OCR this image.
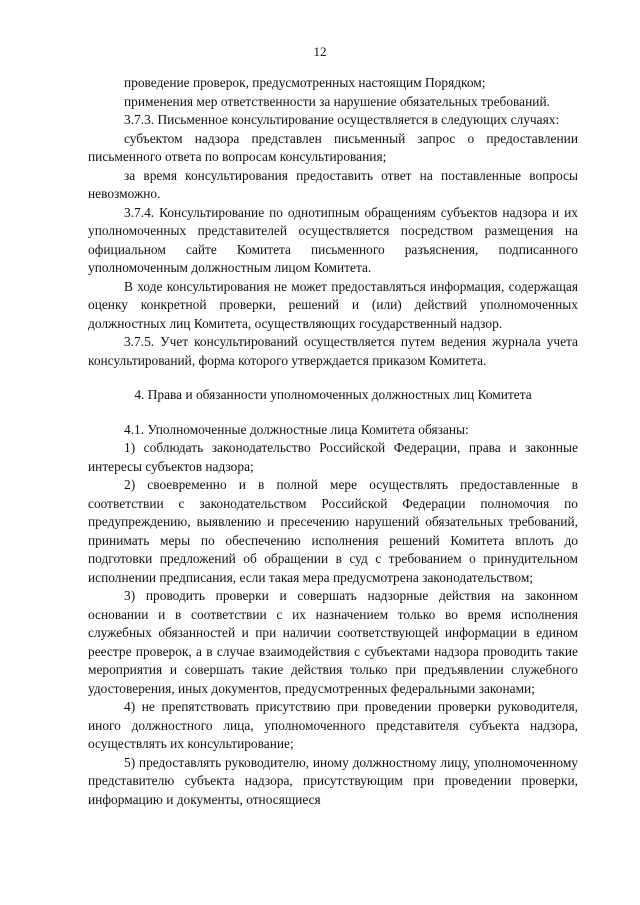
12

проведение проверок, предусмотренных настоящим Порядком;

применения мер ответственности за нарушение обязательных требований.

3.7.3. Письменное консультирование осуществляется в следующих случаях:

субъектом надзора представлен письменный запрос о предоставлении письменного ответа по вопросам консультирования;

за время консультирования предоставить ответ на поставленные вопросы невозможно.

3.7.4. Консультирование по однотипным обращениям субъектов надзора и их уполномоченных представителей осуществляется посредством размещения на официальном сайте Комитета письменного разъяснения, подписанного уполномоченным должностным лицом Комитета.

В ходе консультирования не может предоставляться информация, содержащая оценку конкретной проверки, решений и (или) действий уполномоченных должностных лиц Комитета, осуществляющих государственный надзор.

3.7.5. Учет консультирований осуществляется путем ведения журнала учета консультирований, форма которого утверждается приказом Комитета.

4. Права и обязанности уполномоченных должностных лиц Комитета

4.1. Уполномоченные должностные лица Комитета обязаны:

1) соблюдать законодательство Российской Федерации, права и законные интересы субъектов надзора;

2) своевременно и в полной мере осуществлять предоставленные в соответствии с законодательством Российской Федерации полномочия по предупреждению, выявлению и пресечению нарушений обязательных требований, принимать меры по обеспечению исполнения решений Комитета вплоть до подготовки предложений об обращении в суд с требованием о принудительном исполнении предписания, если такая мера предусмотрена законодательством;

3) проводить проверки и совершать надзорные действия на законном основании и в соответствии с их назначением только во время исполнения служебных обязанностей и при наличии соответствующей информации в едином реестре проверок, а в случае взаимодействия с субъектами надзора проводить такие мероприятия и совершать такие действия только при предъявлении служебного удостоверения, иных документов, предусмотренных федеральными законами;

4) не препятствовать присутствию при проведении проверки руководителя, иного должностного лица, уполномоченного представителя субъекта надзора, осуществлять их консультирование;

5) предоставлять руководителю, иному должностному лицу, уполномоченному представителю субъекта надзора, присутствующим при проведении проверки, информацию и документы, относящиеся
